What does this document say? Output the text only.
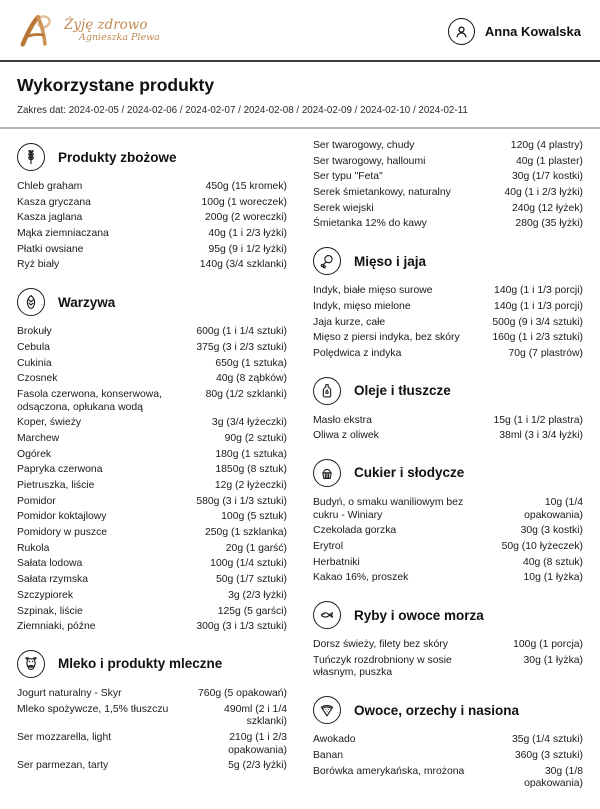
Żyję zdrowo
Agnieszka Plewa	Anna Kowalska
Wykorzystane produkty
Zakres dat: 2024-02-05 / 2024-02-06 / 2024-02-07 / 2024-02-08 / 2024-02-09 / 2024-02-10 / 2024-02-11
Produkty zbożowe
Chleb graham	450g (15 kromek)
Kasza gryczana	100g (1 woreczek)
Kasza jaglana	200g (2 woreczki)
Mąka ziemniaczana	40g (1 i 2/3 łyżki)
Płatki owsiane	95g (9 i 1/2 łyżki)
Ryż biały	140g (3/4 szklanki)
Warzywa
Brokuły	600g (1 i 1/4 sztuki)
Cebula	375g (3 i 2/3 sztuki)
Cukinia	650g (1 sztuka)
Czosnek	40g (8 ząbków)
Fasola czerwona, konserwowa, odsączona, opłukana wodą
80g (1/2 szklanki)
Koper, świeży	3g (3/4 łyżeczki)
Marchew	90g (2 sztuki)
Ogórek	180g (1 sztuka)
Papryka czerwona	1850g (8 sztuk)
Pietruszka, liście	12g (2 łyżeczki)
Pomidor	580g (3 i 1/3 sztuki)
Pomidor koktajlowy	100g (5 sztuk)
Pomidory w puszce	250g (1 szklanka)
Rukola	20g (1 garść)
Sałata lodowa	100g (1/4 sztuki)
Sałata rzymska	50g (1/7 sztuki)
Szczypiorek	3g (2/3 łyżki)
Szpinak, liście	125g (5 garści)
Ziemniaki, późne	300g (3 i 1/3 sztuki)
Mleko i produkty mleczne
Jogurt naturalny - Skyr	760g (5 opakowań)
Mleko spożywcze, 1,5% tłuszczu	490ml (2 i 1/4 szklanki)
Ser mozzarella, light	210g (1 i 2/3 opakowania)
Ser parmezan, tarty	5g (2/3 łyżki)
Ser twarogowy, chudy	120g (4 plastry)
Ser twarogowy, halloumi	40g (1 plaster)
Ser typu "Feta"	30g (1/7 kostki)
Serek śmietankowy, naturalny	40g (1 i 2/3 łyżki)
Serek wiejski	240g (12 łyżek)
Śmietanka 12% do kawy	280g (35 łyżki)
Mięso i jaja
Indyk, białe mięso surowe	140g (1 i 1/3 porcji)
Indyk, mięso mielone	140g (1 i 1/3 porcji)
Jaja kurze, całe	500g (9 i 3/4 sztuki)
Mięso z piersi indyka, bez skóry	160g (1 i 2/3 sztuki)
Polędwica z indyka	70g (7 plastrów)
Oleje i tłuszcze
Masło ekstra	15g (1 i 1/2 plastra)
Oliwa z oliwek	38ml (3 i 3/4 łyżki)
Cukier i słodycze
Budyń, o smaku waniliowym bez cukru - Winiary
10g (1/4 opakowania)
Czekolada gorzka	30g (3 kostki)
Erytrol	50g (10 łyżeczek)
Herbatniki	40g (8 sztuk)
Kakao 16%, proszek	10g (1 łyżka)
Ryby i owoce morza
Dorsz świeży, filety bez skóry	100g (1 porcja)
Tuńczyk rozdrobniony w sosie własnym, puszka
30g (1 łyżka)
Owoce, orzechy i nasiona
Awokado	35g (1/4 sztuki)
Banan	360g (3 sztuki)
Borówka amerykańska, mrożona	30g (1/8 opakowania)
